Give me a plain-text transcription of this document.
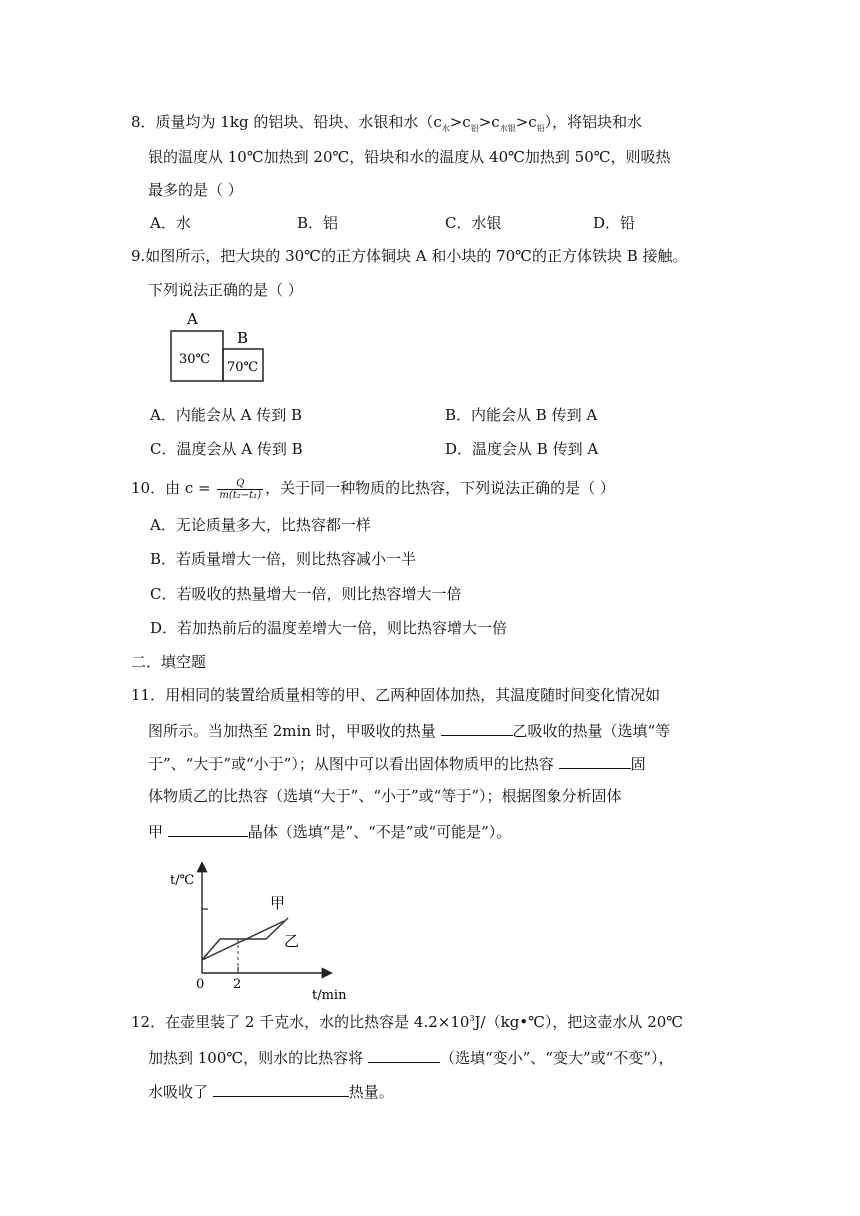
8．质量均为 1kg 的铝块、铅块、水银和水$(c_水>c_铝>c_{水银}>c_铅)$，将铝块和水
银的温度从 10℃加热到 20℃，铅块和水的温度从 40℃加热到 50℃，则吸热
最多的是（ ）
A．水	B．铝	C．水银	D．铅
9.如图所示，把大块的 30℃的正方体铜块 A 和小块的 70℃的正方体铁块 B 接触。
下列说法正确的是（ ）
A
B
30℃
70℃
A．内能会从 A 传到 B	B．内能会从 B 传到 A
C．温度会从 A 传到 B	D．温度会从 B 传到 A
10．由 $c = \frac{Q}{\text{m(t₂−t₁)}}$ ，关于同一种物质的比热容，下列说法正确的是（ ）
A．无论质量多大，比热容都一样
B．若质量增大一倍，则比热容减小一半
C．若吸收的热量增大一倍，则比热容增大一倍
D．若加热前后的温度差增大一倍，则比热容增大一倍
二．填空题
11．用相同的装置给质量相等的甲、乙两种固体加热，其温度随时间变化情况如
图所示。当加热至 2min 时，甲吸收的热量	乙吸收的热量（选填“等
于”、“大于”或“小于”）；从图中可以看出固体物质甲的比热容	固
体物质乙的比热容（选填“大于”、“小于”或“等于”）；根据图象分析固体
甲	晶体（选填“是”、“不是”或“可能是”）。
t/℃
t/min
0 2
甲
乙
12．在壶里装了 2 千克水，水的比热容是 $4.2\times 10^3J/(kg•℃)$，把这壶水从 20℃
加热到 100℃，则水的比热容将	（选填“变小”、“变大”或“不变”），
水吸收了	热量。
